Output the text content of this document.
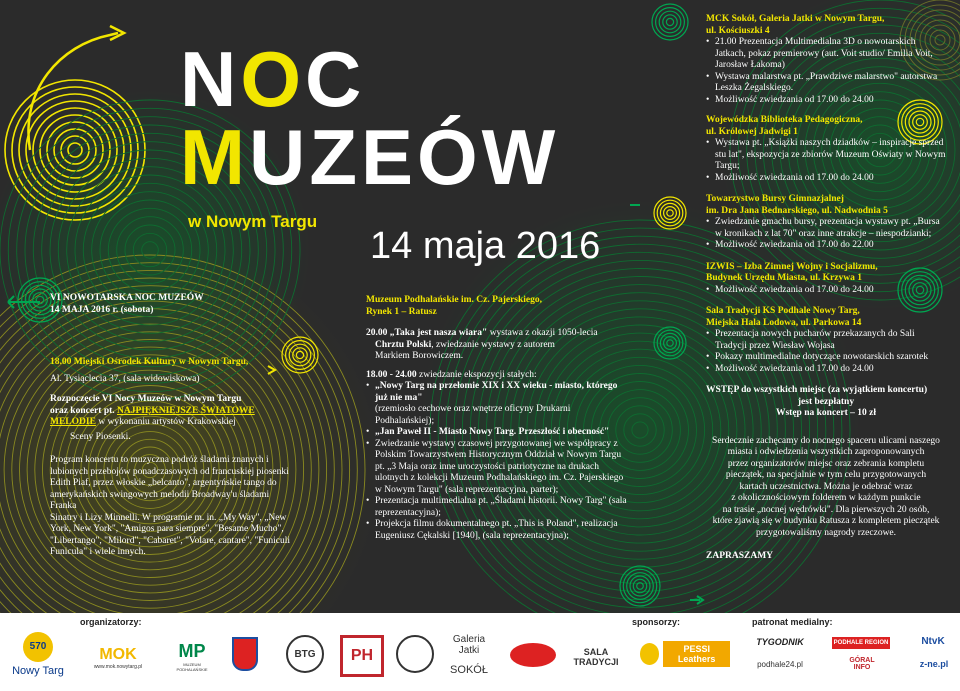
NOC
MUZEÓW
w Nowym Targu
14 maja 2016
VI NOWOTARSKA NOC MUZEÓW
14 MAJA 2016 r. (sobota)
18.00 Miejski Ośrodek Kultury w Nowym Targu,
Al. Tysiąclecia 37, (sala widowiskowa)
Rozpoczęcie VI Nocy Muzeów w Nowym Targu
oraz koncert pt. NAJPIĘKNIEJSZE ŚWIATOWE
MELODIE w wykonaniu artystów Krakowskiej
Sceny Piosenki.
Program koncertu to muzyczna podróż śladami znanych i
lubionych przebojów ponadczasowych od francuskiej piosenki
Edith Piaf, przez włoskie „belcanto", argentyńskie tango do
amerykańskich swingowych melodii Broadway'u śladami Franka
Sinatry i Lizy Minnelli. W programie m. in. „My Way", „New
York, New York", "Amigos para siempre", "Besame Mucho",
"Libertango", "Milord", "Cabaret", "Volare, cantare", "Funiculi
Funicula" i wiele innych.
Muzeum Podhalańskie im. Cz. Pajerskiego,
Rynek 1 – Ratusz
20.00 „Taka jest nasza wiara" wystawa z okazji 1050-lecia
Chrztu Polski, zwiedzanie wystawy z autorem
Markiem Borowiczem.
18.00 - 24.00 zwiedzanie ekspozycji stałych:
• „Nowy Targ na przełomie XIX i XX wieku - miasto, którego już nie ma"
(rzemiosło cechowe oraz wnętrze oficyny Drukarni Podhalańskiej);
• „Jan Paweł II - Miasto Nowy Targ. Przeszłość i obecność"
• Zwiedzanie wystawy czasowej przygotowanej we współpracy z Polskim Towarzystwem Historycznym Oddział w Nowym Targu pt. „3 Maja oraz inne uroczystości patriotyczne na drukach ulotnych z kolekcji Muzeum Podhalańskiego im. Cz. Pajerskiego w Nowym Targu" (sala reprezentacyjna, parter);
• Prezentacja multimedialna pt. „Śladami historii. Nowy Targ" (sala reprezentacyjna);
• Projekcja filmu dokumentalnego pt. „This is Poland", realizacja Eugeniusz Cękalski [1940], (sala reprezentacyjna);
MCK Sokół, Galeria Jatki w Nowym Targu,
ul. Kościuszki 4
• 21.00 Prezentacja Multimedialna 3D o nowotarskich Jatkach, pokaz premierowy (aut. Voit studio/ Emilia Voit, Jarosław Łakoma)
• Wystawa malarstwa pt. „Prawdziwe malarstwo" autorstwa Leszka Żegalskiego.
• Możliwość zwiedzania od 17.00 do 24.00
Wojewódzka Biblioteka Pedagogiczna,
ul. Królowej Jadwigi 1
• Wystawa pt. „Książki naszych dziadków – inspiracje sprzed stu lat", ekspozycja ze zbiorów Muzeum Oświaty w Nowym Targu;
• Możliwość zwiedzania od 17.00 do 24.00
Towarzystwo Bursy Gimnazjalnej
im. Dra Jana Bednarskiego, ul. Nadwodnia 5
• Zwiedzanie gmachu bursy, prezentacja wystawy pt. „Bursa w kronikach z lat 70" oraz inne atrakcje – niespodzianki;
• Możliwość zwiedzania od 17.00 do 22.00
IZWIS – Izba Zimnej Wojny i Socjalizmu,
Budynek Urzędu Miasta, ul. Krzywa 1
• Możliwość zwiedzania od 17.00 do 24.00
Sala Tradycji KS Podhale Nowy Targ,
Miejska Hala Lodowa, ul. Parkowa 14
• Prezentacja nowych pucharów przekazanych do Sali Tradycji przez Wiesław Wojasa
• Pokazy multimedialne dotyczące nowotarskich szarotek
• Możliwość zwiedzania od 17.00 do 24.00
WSTĘP do wszystkich miejsc (za wyjątkiem koncertu)
jest bezpłatny
Wstęp na koncert – 10 zł
Serdecznie zachęcamy do nocnego spaceru ulicami naszego
miasta i odwiedzenia wszystkich zaproponowanych
przez organizatorów miejsc oraz zebrania kompletu
pieczątek, na specjalnie w tym celu przygotowanych
kartach uczestnictwa. Można je odebrać wraz
z okolicznościowym folderem w każdym punkcie
na trasie „nocnej wędrówki". Dla pierwszych 20 osób,
które zjawią się w budynku Ratusza z kompletem pieczątek
przygotowaliśmy nagrody rzeczowe.
ZAPRASZAMY
organizatorzy:	sponsorzy:	patronat medialny:
570
Nowy Targ
MOK
www.mok.nowytarg.pl
MP
MUZEUM PODHALAŃSKIE
BTG	PH
Galeria
Jatki
SOKÓŁ
SALA
TRADYCJI
PESSI Leathers
TYGODNIK	PODHALE REGION	NtvK
podhale24.pl	GÓRAL INFO	z-ne.pl
